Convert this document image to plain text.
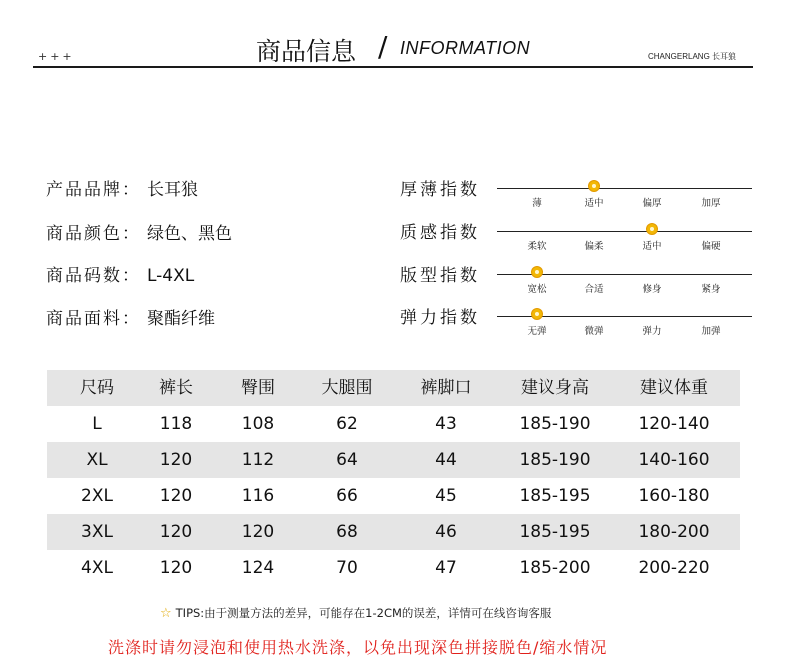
+++	商品信息 / INFORMATION	CHANGERLANG 长耳狼
产品品牌： 长耳狼
商品颜色： 绿色、黑色
商品码数： L-4XL
商品面料： 聚酯纤维
厚薄指数
薄	适中	偏厚	加厚
质感指数
柔软	偏柔	适中	偏硬
版型指数
宽松	合适	修身	紧身
弹力指数
无弹	微弹	弹力	加弹
尺码	裤长	臀围	大腿围	裤脚口	建议身高	建议体重
L	118	108	62	43	185-190	120-140
XL	120	112	64	44	185-190	140-160
2XL	120	116	66	45	185-195	160-180
3XL	120	120	68	46	185-195	180-200
4XL	120	124	70	47	185-200	200-220
☆ TIPS:由于测量方法的差异，可能存在1-2CM的误差，详情可在线咨询客服
洗涤时请勿浸泡和使用热水洗涤，以免出现深色拼接脱色/缩水情况
